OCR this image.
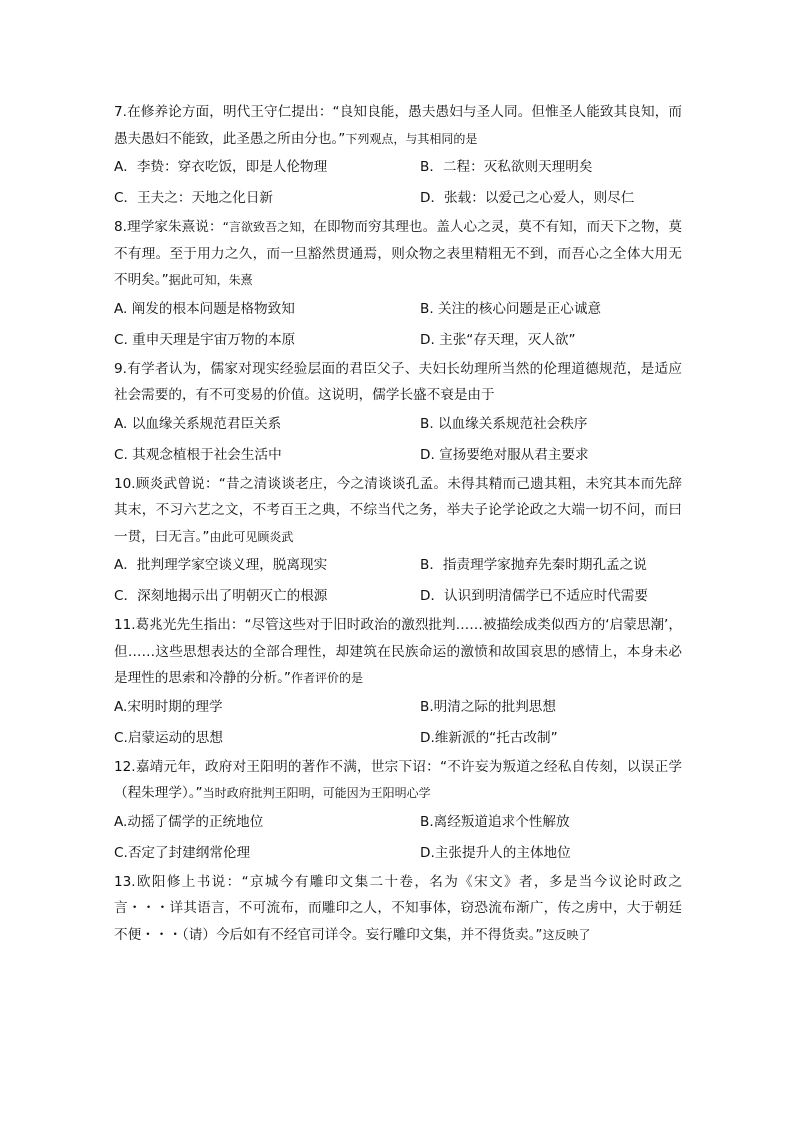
7.在修养论方面，明代王守仁提出：“良知良能，愚夫愚妇与圣人同。但惟圣人能致其良知，而愚夫愚妇不能致，此圣愚之所由分也。”下列观点，与其相同的是

A．李贽：穿衣吃饭，即是人伦物理	B．二程：灭私欲则天理明矣
C．王夫之：天地之化日新	D．张载：以爱己之心爱人，则尽仁

8.理学家朱熹说：“言欲致吾之知，在即物而穷其理也。盖人心之灵，莫不有知，而天下之物，莫不有理。至于用力之久，而一旦豁然贯通焉，则众物之表里精粗无不到，而吾心之全体大用无不明矣。”据此可知，朱熹

A. 阐发的根本问题是格物致知	B. 关注的核心问题是正心诚意
C. 重申天理是宇宙万物的本原	D. 主张“存天理，灭人欲”

9.有学者认为，儒家对现实经验层面的君臣父子、夫妇长幼理所当然的伦理道德规范，是适应社会需要的，有不可变易的价值。这说明，儒学长盛不衰是由于

A. 以血缘关系规范君臣关系	B. 以血缘关系规范社会秩序
C. 其观念植根于社会生活中	D. 宣扬要绝对服从君主要求

10.顾炎武曾说：“昔之清谈谈老庄，今之清谈谈孔孟。未得其精而己遗其粗，未究其本而先辞其末，不习六艺之文，不考百王之典，不综当代之务，举夫子论学论政之大端一切不问，而曰一贯，曰无言。”由此可见顾炎武

A．批判理学家空谈义理，脱离现实	B．指责理学家抛弃先秦时期孔孟之说
C．深刻地揭示出了明朝灭亡的根源	D．认识到明清儒学已不适应时代需要

11.葛兆光先生指出：“尽管这些对于旧时政治的激烈批判……被描绘成类似西方的‘启蒙思潮’，但……这些思想表达的全部合理性，却建筑在民族命运的激愤和故国哀思的感情上，本身未必是理性的思索和冷静的分析。”作者评价的是

A.宋明时期的理学	B.明清之际的批判思想
C.启蒙运动的思想	D.维新派的“托古改制”

12.嘉靖元年，政府对王阳明的著作不满，世宗下诏：“不许妄为叛道之经私自传刻，以误正学（程朱理学）。”当时政府批判王阳明，可能因为王阳明心学

A.动摇了儒学的正统地位	B.离经叛道追求个性解放
C.否定了封建纲常伦理	D.主张提升人的主体地位

13.欧阳修上书说：“京城今有雕印文集二十卷，名为《宋文》者，多是当今议论时政之言・・・详其语言，不可流布，而雕印之人，不知事体，窃恐流布渐广，传之虏中，大于朝廷不便・・・（请）今后如有不经官司详令。妄行雕印文集，并不得货卖。”这反映了
